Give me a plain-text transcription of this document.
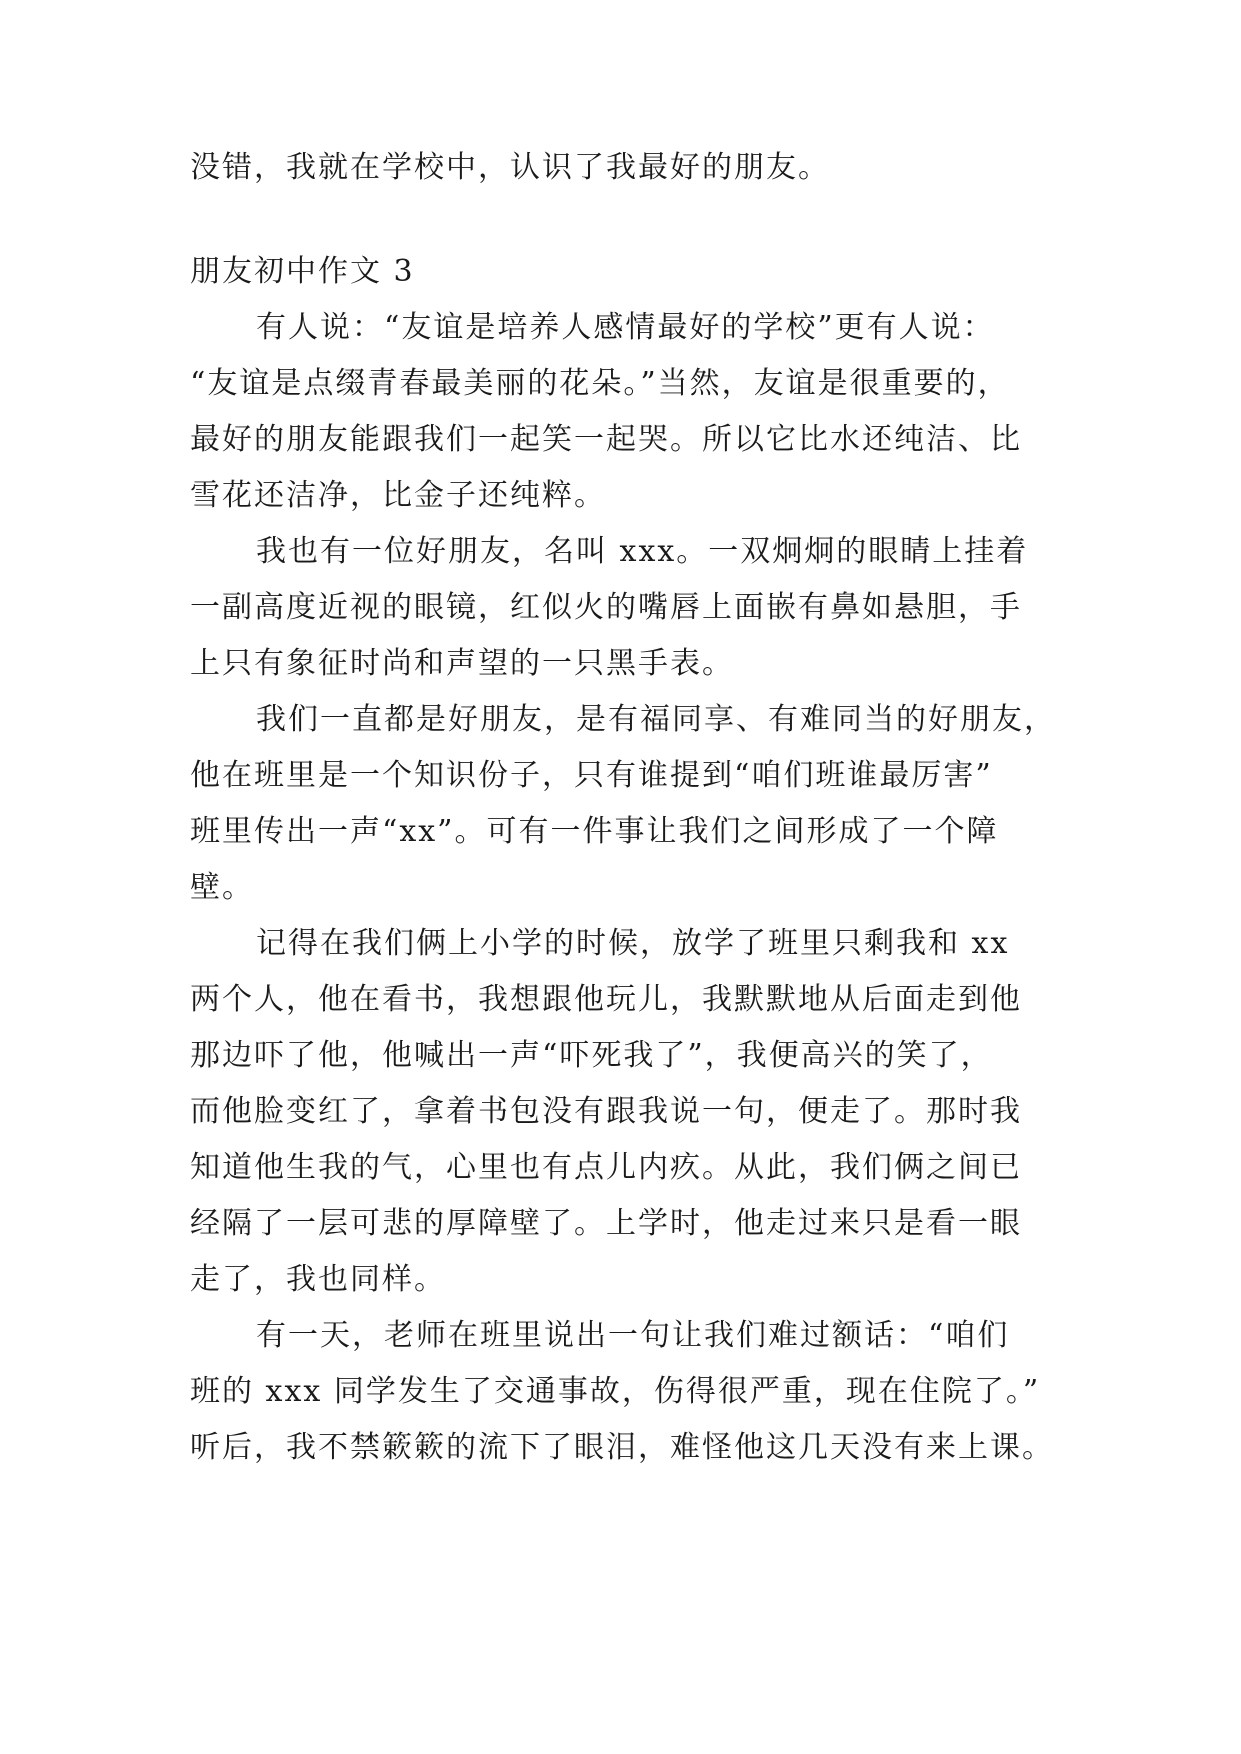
没错，我就在学校中，认识了我最好的朋友。
朋友初中作文 3
有人说：“友谊是培养人感情最好的学校”更有人说：
“友谊是点缀青春最美丽的花朵。”当然，友谊是很重要的，
最好的朋友能跟我们一起笑一起哭。所以它比水还纯洁、比
雪花还洁净，比金子还纯粹。
我也有一位好朋友，名叫 xxx。一双炯炯的眼睛上挂着
一副高度近视的眼镜，红似火的嘴唇上面嵌有鼻如悬胆，手
上只有象征时尚和声望的一只黑手表。
我们一直都是好朋友，是有福同享、有难同当的好朋友，
他在班里是一个知识份子，只有谁提到“咱们班谁最厉害”
班里传出一声“xx”。可有一件事让我们之间形成了一个障
壁。
记得在我们俩上小学的时候，放学了班里只剩我和 xx
两个人，他在看书，我想跟他玩儿，我默默地从后面走到他
那边吓了他，他喊出一声“吓死我了”，我便高兴的笑了，
而他脸变红了，拿着书包没有跟我说一句，便走了。那时我
知道他生我的气，心里也有点儿内疚。从此，我们俩之间已
经隔了一层可悲的厚障壁了。上学时，他走过来只是看一眼
走了，我也同样。
有一天，老师在班里说出一句让我们难过额话：“咱们
班的 xxx 同学发生了交通事故，伤得很严重，现在住院了。”
听后，我不禁簌簌的流下了眼泪，难怪他这几天没有来上课。
